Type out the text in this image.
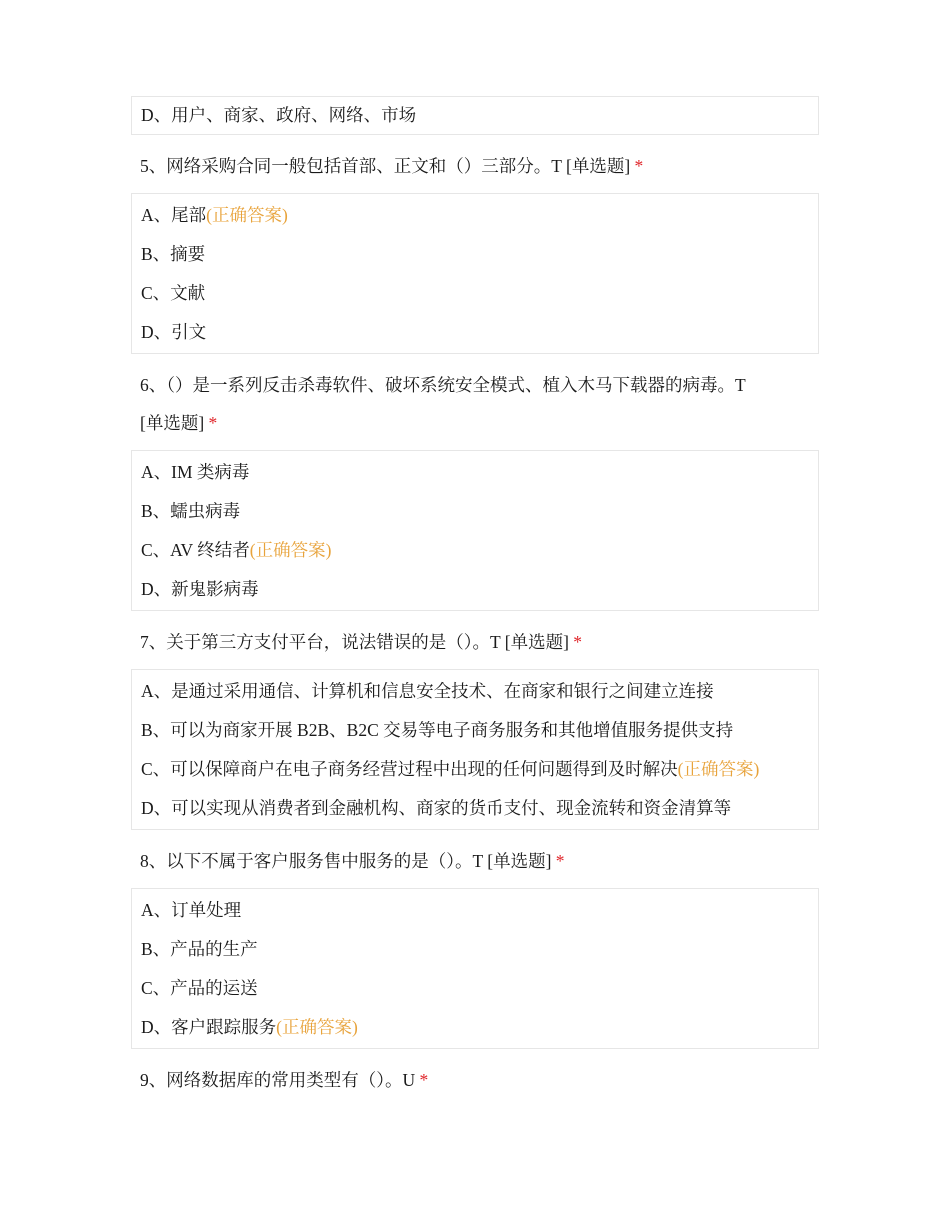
D、用户、商家、政府、网络、市场
5、网络采购合同一般包括首部、正文和（）三部分。T [单选题] *
A、尾部 (正确答案)
B、摘要
C、文献
D、引文
6、（）是一系列反击杀毒软件、破坏系统安全模式、植入木马下载器的病毒。T
[单选题] *
A、IM 类病毒
B、蠕虫病毒
C、AV 终结者 (正确答案)
D、新鬼影病毒
7、关于第三方支付平台，说法错误的是（）。T [单选题] *
A、是通过采用通信、计算机和信息安全技术、在商家和银行之间建立连接
B、可以为商家开展 B2B、B2C 交易等电子商务服务和其他增值服务提供支持
C、可以保障商户在电子商务经营过程中出现的任何问题得到及时解决 (正确答案)
D、可以实现从消费者到金融机构、商家的货币支付、现金流转和资金清算等
8、以下不属于客户服务售中服务的是（）。T [单选题] *
A、订单处理
B、产品的生产
C、产品的运送
D、客户跟踪服务 (正确答案)
9、网络数据库的常用类型有（）。U *
